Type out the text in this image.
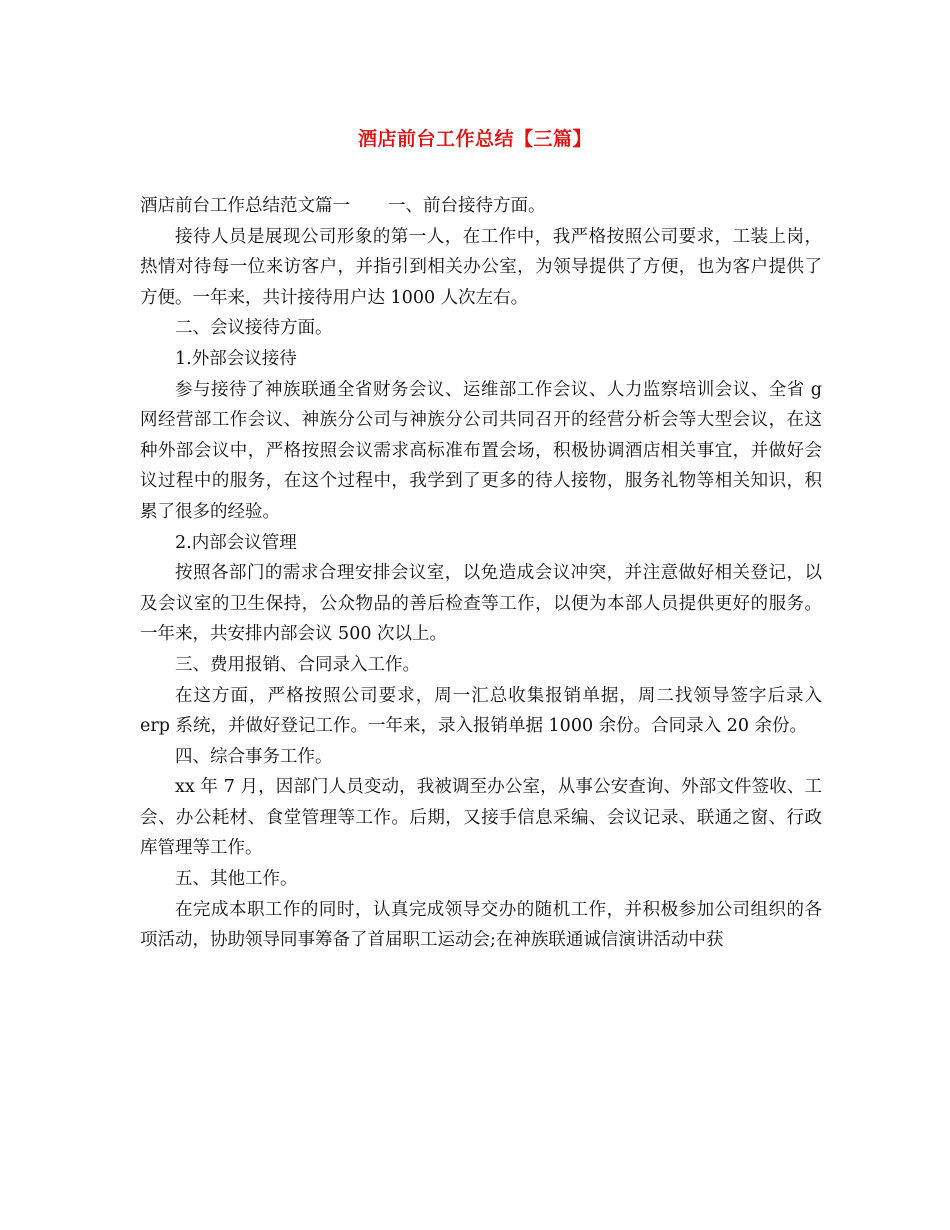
酒店前台工作总结【三篇】

酒店前台工作总结范文篇一 一、前台接待方面。

接待人员是展现公司形象的第一人，在工作中，我严格按照公司要求，工装上岗，热情对待每一位来访客户，并指引到相关办公室，为领导提供了方便，也为客户提供了方便。一年来，共计接待用户达 1000 人次左右。

二、会议接待方面。

1.外部会议接待

参与接待了神族联通全省财务会议、运维部工作会议、人力监察培训会议、全省 g 网经营部工作会议、神族分公司与神族分公司共同召开的经营分析会等大型会议，在这种外部会议中，严格按照会议需求高标准布置会场，积极协调酒店相关事宜，并做好会议过程中的服务，在这个过程中，我学到了更多的待人接物，服务礼物等相关知识，积累了很多的经验。

2.内部会议管理

按照各部门的需求合理安排会议室，以免造成会议冲突，并注意做好相关登记，以及会议室的卫生保持，公众物品的善后检查等工作，以便为本部人员提供更好的服务。一年来，共安排内部会议 500 次以上。

三、费用报销、合同录入工作。

在这方面，严格按照公司要求，周一汇总收集报销单据，周二找领导签字后录入 erp 系统，并做好登记工作。一年来，录入报销单据 1000 余份。合同录入 20 余份。

四、综合事务工作。

xx 年 7 月，因部门人员变动，我被调至办公室，从事公安查询、外部文件签收、工会、办公耗材、食堂管理等工作。后期，又接手信息采编、会议记录、联通之窗、行政库管理等工作。

五、其他工作。

在完成本职工作的同时，认真完成领导交办的随机工作，并积极参加公司组织的各项活动，协助领导同事筹备了首届职工运动会;在神族联通诚信演讲活动中获
